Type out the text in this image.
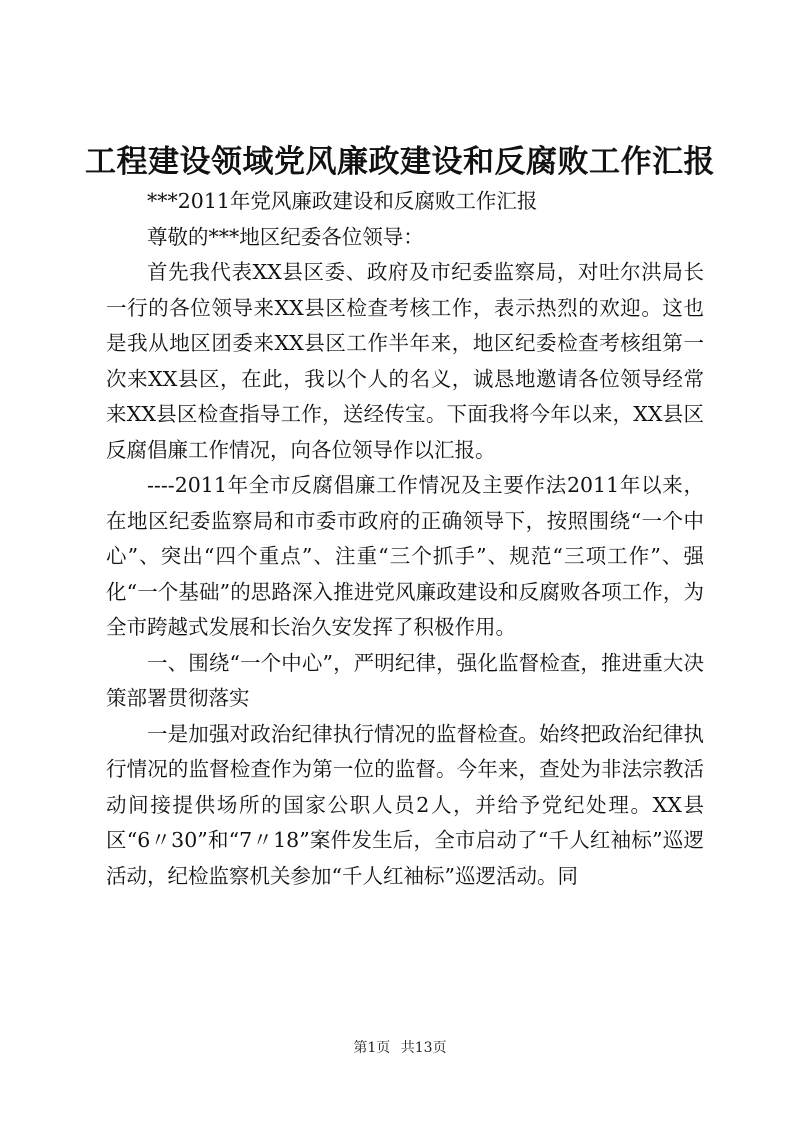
工程建设领域党风廉政建设和反腐败工作汇报

***2011年党风廉政建设和反腐败工作汇报

尊敬的***地区纪委各位领导：

首先我代表XX县区委、政府及市纪委监察局，对吐尔洪局长一行的各位领导来XX县区检查考核工作，表示热烈的欢迎。这也是我从地区团委来XX县区工作半年来，地区纪委检查考核组第一次来XX县区，在此，我以个人的名义，诚恳地邀请各位领导经常来XX县区检查指导工作，送经传宝。下面我将今年以来，XX县区反腐倡廉工作情况，向各位领导作以汇报。

----2011年全市反腐倡廉工作情况及主要作法2011年以来，在地区纪委监察局和市委市政府的正确领导下，按照围绕“一个中心”、突出“四个重点”、注重“三个抓手”、规范“三项工作”、强化“一个基础”的思路深入推进党风廉政建设和反腐败各项工作，为全市跨越式发展和长治久安发挥了积极作用。

一、围绕“一个中心”，严明纪律，强化监督检查，推进重大决策部署贯彻落实

一是加强对政治纪律执行情况的监督检查。始终把政治纪律执行情况的监督检查作为第一位的监督。今年来，查处为非法宗教活动间接提供场所的国家公职人员2人，并给予党纪处理。XX县区“6〃30”和“7〃18”案件发生后，全市启动了“千人红袖标”巡逻活动，纪检监察机关参加“千人红袖标”巡逻活动。同

第1页 共13页
